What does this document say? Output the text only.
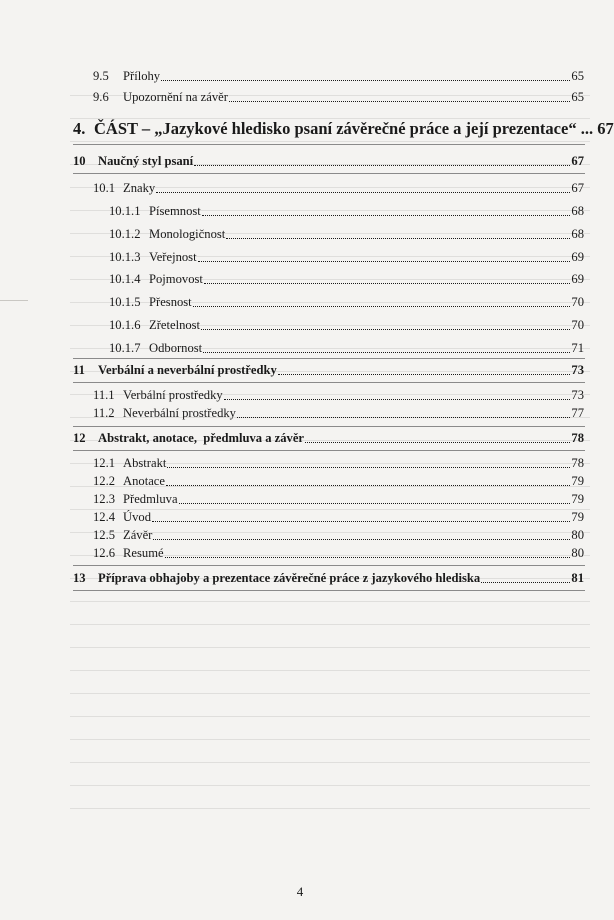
9.5	Přílohy	65
9.6	Upozornění na závěr	65
4. ČÁST – „Jazykové hledisko psaní závěrečné práce a její prezentace“ ... 67
10 Naučný styl psaní	67
10.1 Znaky	67
10.1.1 Písemnost	68
10.1.2 Monologičnost	68
10.1.3 Veřejnost	69
10.1.4 Pojmovost	69
10.1.5 Přesnost	70
10.1.6 Zřetelnost	70
10.1.7 Odbornost	71
11	Verbální a neverbální prostředky	73
11.1 Verbální prostředky	73
11.2 Neverbální prostředky	77
12 Abstrakt, anotace,  předmluva a závěr	78
12.1 Abstrakt	78
12.2 Anotace	79
12.3 Předmluva	79
12.4 Úvod	79
12.5 Závěr	80
12.6 Resumé	80
13 Příprava obhajoby a prezentace závěrečné práce z jazykového hlediska	81
4
